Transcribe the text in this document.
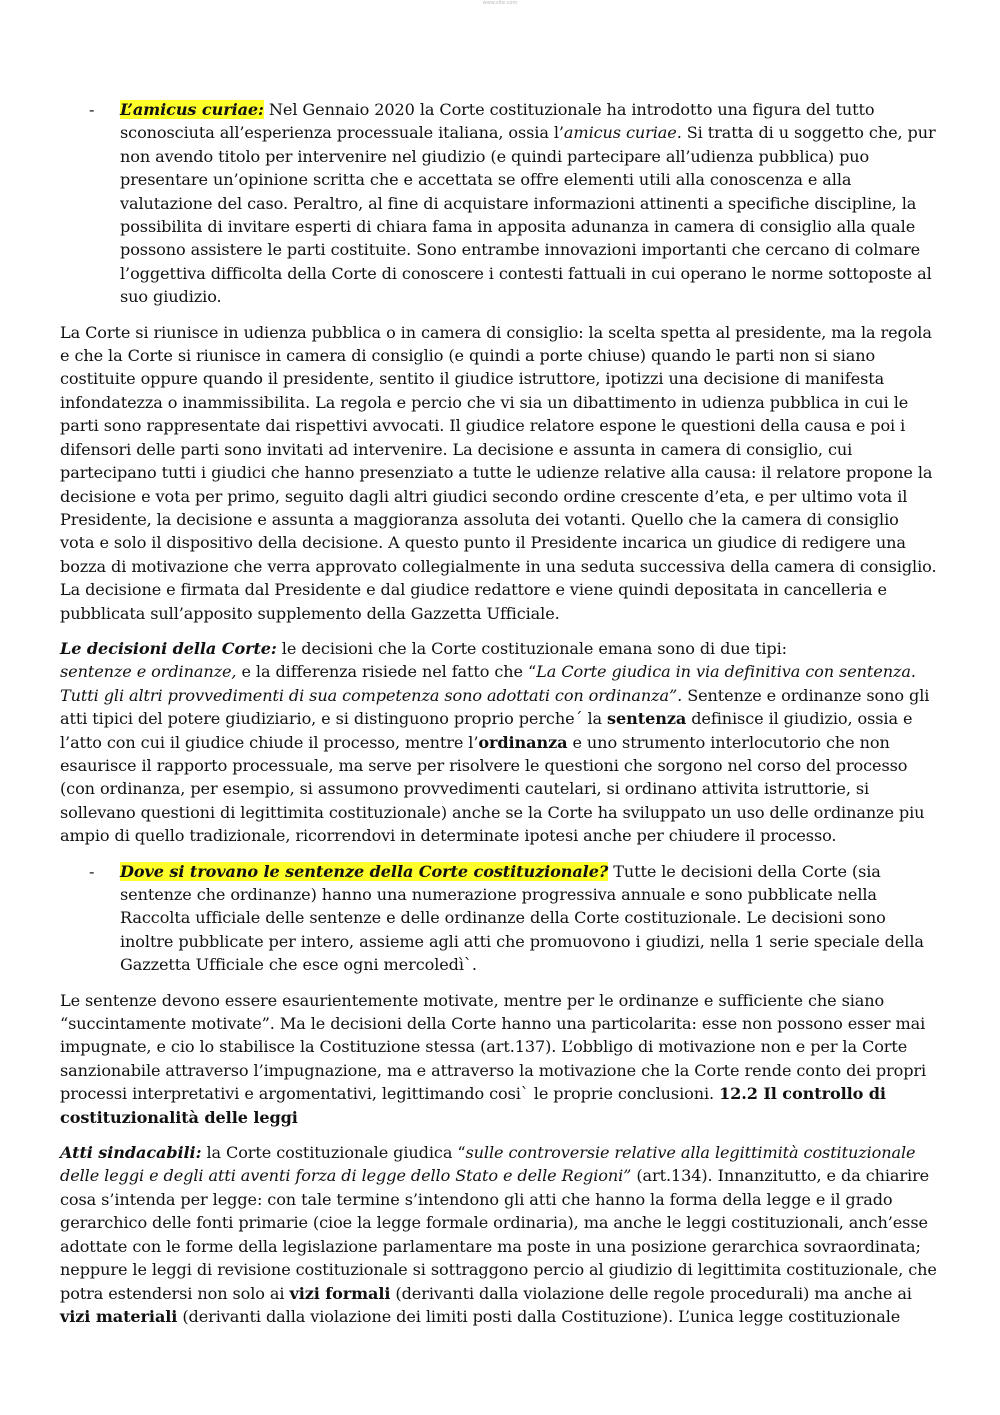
www.site.com
- L’amicus curiae: Nel Gennaio 2020 la Corte costituzionale ha introdotto una figura del tutto sconosciuta all’esperienza processuale italiana, ossia l’amicus curiae. Si tratta di u soggetto che, pur non avendo titolo per intervenire nel giudizio (e quindi partecipare all’udienza pubblica) puo presentare un’opinione scritta che e accettata se offre elementi utili alla conoscenza e alla valutazione del caso. Peraltro, al fine di acquistare informazioni attinenti a specifiche discipline, la possibilita di invitare esperti di chiara fama in apposita adunanza in camera di consiglio alla quale possono assistere le parti costituite. Sono entrambe innovazioni importanti che cercano di colmare l’oggettiva difficolta della Corte di conoscere i contesti fattuali in cui operano le norme sottoposte al suo giudizio.

La Corte si riunisce in udienza pubblica o in camera di consiglio: la scelta spetta al presidente, ma la regola e che la Corte si riunisce in camera di consiglio (e quindi a porte chiuse) quando le parti non si siano costituite oppure quando il presidente, sentito il giudice istruttore, ipotizzi una decisione di manifesta infondatezza o inammissibilita. La regola e percio che vi sia un dibattimento in udienza pubblica in cui le parti sono rappresentate dai rispettivi avvocati. Il giudice relatore espone le questioni della causa e poi i difensori delle parti sono invitati ad intervenire. La decisione e assunta in camera di consiglio, cui partecipano tutti i giudici che hanno presenziato a tutte le udienze relative alla causa: il relatore propone la decisione e vota per primo, seguito dagli altri giudici secondo ordine crescente d’eta, e per ultimo vota il Presidente, la decisione e assunta a maggioranza assoluta dei votanti. Quello che la camera di consiglio vota e solo il dispositivo della decisione. A questo punto il Presidente incarica un giudice di redigere una bozza di motivazione che verra approvato collegialmente in una seduta successiva della camera di consiglio. La decisione e firmata dal Presidente e dal giudice redattore e viene quindi depositata in cancelleria e pubblicata sull’apposito supplemento della Gazzetta Ufficiale.

Le decisioni della Corte: le decisioni che la Corte costituzionale emana sono di due tipi:
sentenze e ordinanze, e la differenza risiede nel fatto che “La Corte giudica in via definitiva con sentenza. Tutti gli altri provvedimenti di sua competenza sono adottati con ordinanza”. Sentenze e ordinanze sono gli atti tipici del potere giudiziario, e si distinguono proprio perche´ la sentenza definisce il giudizio, ossia e l’atto con cui il giudice chiude il processo, mentre l’ordinanza e uno strumento interlocutorio che non esaurisce il rapporto processuale, ma serve per risolvere le questioni che sorgono nel corso del processo (con ordinanza, per esempio, si assumono provvedimenti cautelari, si ordinano attivita istruttorie, si sollevano questioni di legittimita costituzionale) anche se la Corte ha sviluppato un uso delle ordinanze piu ampio di quello tradizionale, ricorrendovi in determinate ipotesi anche per chiudere il processo.

- Dove si trovano le sentenze della Corte costituzionale? Tutte le decisioni della Corte (sia sentenze che ordinanze) hanno una numerazione progressiva annuale e sono pubblicate nella Raccolta ufficiale delle sentenze e delle ordinanze della Corte costituzionale. Le decisioni sono inoltre pubblicate per intero, assieme agli atti che promuovono i giudizi, nella 1 serie speciale della Gazzetta Ufficiale che esce ogni mercoledì`.

Le sentenze devono essere esaurientemente motivate, mentre per le ordinanze e sufficiente che siano “succintamente motivate”. Ma le decisioni della Corte hanno una particolarita: esse non possono esser mai impugnate, e cio lo stabilisce la Costituzione stessa (art.137). L’obbligo di motivazione non e per la Corte sanzionabile attraverso l’impugnazione, ma e attraverso la motivazione che la Corte rende conto dei propri processi interpretativi e argomentativi, legittimando cosi` le proprie conclusioni. 12.2 Il controllo di costituzionalità delle leggi

Atti sindacabili: la Corte costituzionale giudica “sulle controversie relative alla legittimità costituzionale delle leggi e degli atti aventi forza di legge dello Stato e delle Regioni” (art.134). Innanzitutto, e da chiarire cosa s’intenda per legge: con tale termine s’intendono gli atti che hanno la forma della legge e il grado gerarchico delle fonti primarie (cioe la legge formale ordinaria), ma anche le leggi costituzionali, anch’esse adottate con le forme della legislazione parlamentare ma poste in una posizione gerarchica sovraordinata; neppure le leggi di revisione costituzionale si sottraggono percio al giudizio di legittimita costituzionale, che potra estendersi non solo ai vizi formali (derivanti dalla violazione delle regole procedurali) ma anche ai vizi materiali (derivanti dalla violazione dei limiti posti dalla Costituzione). L’unica legge costituzionale
